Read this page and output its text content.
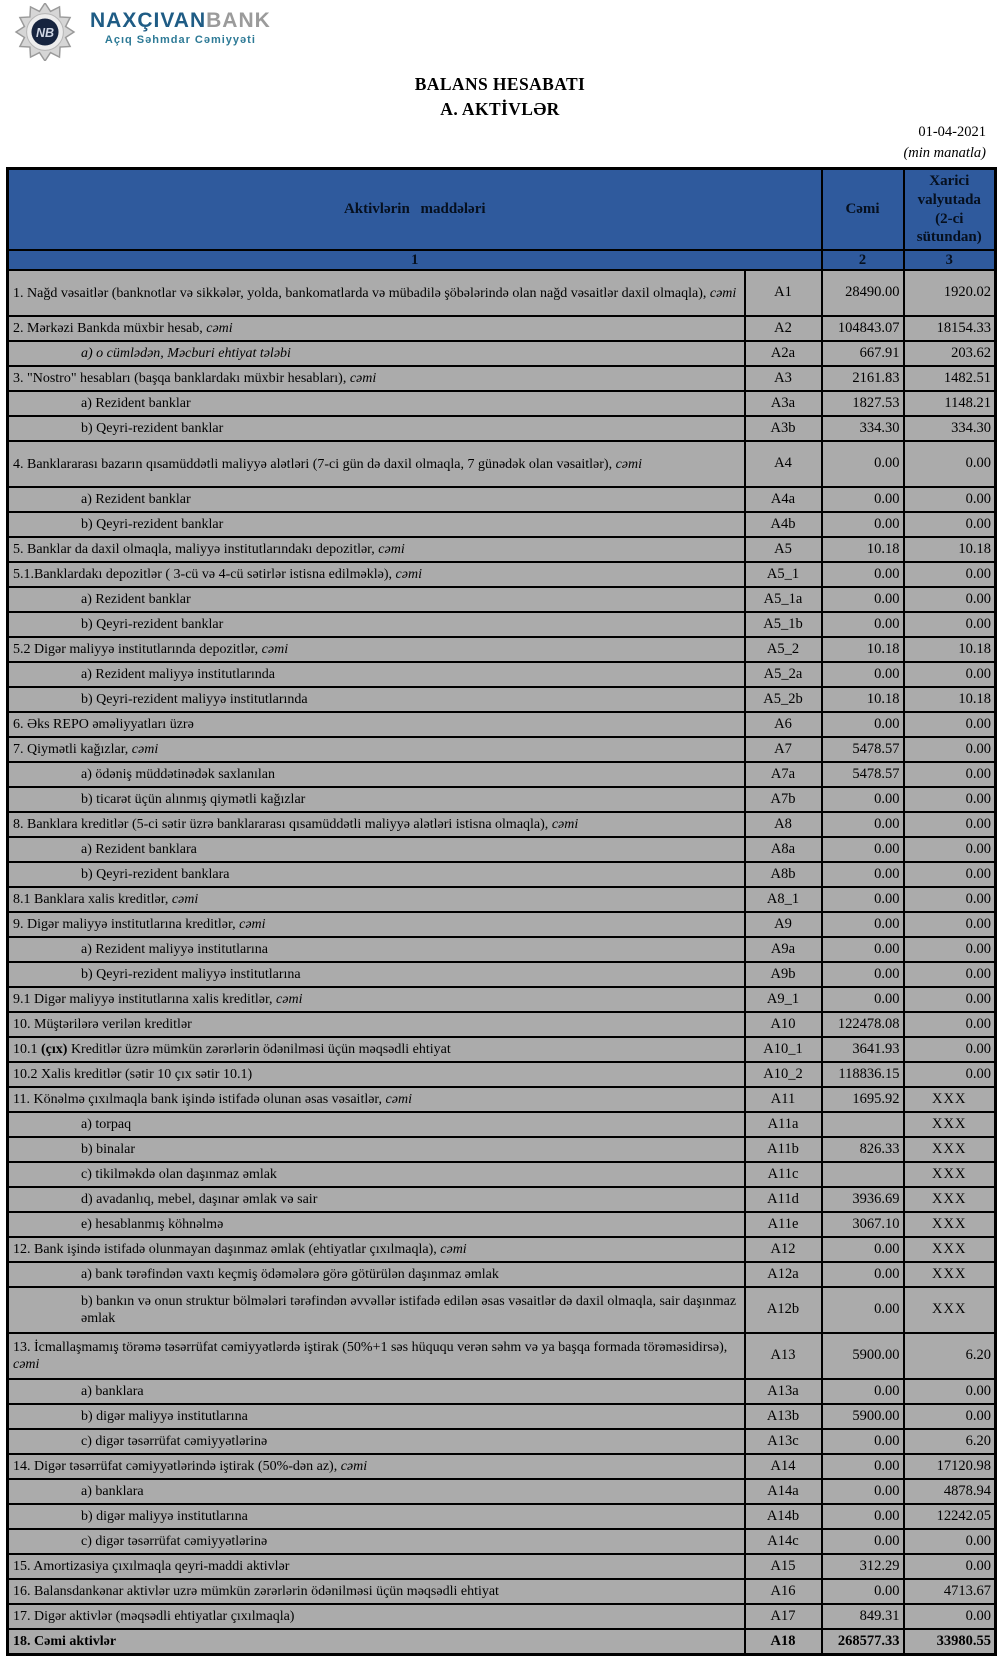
NB
NAXÇIVANBANK
Açıq Səhmdar Cəmiyyəti
BALANS HESABATI
A. AKTİVLƏR
01-04-2021
(min manatla)
Aktivlərin maddələri		Cəmi	Xarici valyutada (2-ci sütundan)
1		2	3
1. Nağd vəsaitlər (banknotlar və sikkələr, yolda, bankomatlarda və mübadilə şöbələrində olan nağd vəsaitlər daxil olmaqla), cəmi	A1	28490.00	1920.02
2. Mərkəzi Bankda müxbir hesab, cəmi	A2	104843.07	18154.33
a) o cümlədən, Məcburi ehtiyat tələbi	A2a	667.91	203.62
3. "Nostro" hesabları (başqa banklardakı müxbir hesabları), cəmi	A3	2161.83	1482.51
a) Rezident banklar	A3a	1827.53	1148.21
b) Qeyri-rezident banklar	A3b	334.30	334.30
4. Banklararası bazarın qısamüddətli maliyyə alətləri (7-ci gün də daxil olmaqla, 7 günədək olan vəsaitlər), cəmi	A4	0.00	0.00
a) Rezident banklar	A4a	0.00	0.00
b) Qeyri-rezident banklar	A4b	0.00	0.00
5. Banklar da daxil olmaqla, maliyyə institutlarındakı depozitlər, cəmi	A5	10.18	10.18
5.1.Banklardakı depozitlər ( 3-cü və 4-cü sətirlər istisna edilməklə), cəmi	A5_1	0.00	0.00
a) Rezident banklar	A5_1a	0.00	0.00
b) Qeyri-rezident banklar	A5_1b	0.00	0.00
5.2 Digər maliyyə institutlarında depozitlər, cəmi	A5_2	10.18	10.18
a) Rezident maliyyə institutlarında	A5_2a	0.00	0.00
b) Qeyri-rezident maliyyə institutlarında	A5_2b	10.18	10.18
6. Əks REPO əməliyyatları üzrə	A6	0.00	0.00
7. Qiymətli kağızlar, cəmi	A7	5478.57	0.00
a) ödəniş müddətinədək saxlanılan	A7a	5478.57	0.00
b) ticarət üçün alınmış qiymətli kağızlar	A7b	0.00	0.00
8. Banklara kreditlər (5-ci sətir üzrə banklararası qısamüddətli maliyyə alətləri istisna olmaqla), cəmi	A8	0.00	0.00
a) Rezident banklara	A8a	0.00	0.00
b) Qeyri-rezident banklara	A8b	0.00	0.00
8.1 Banklara xalis kreditlər, cəmi	A8_1	0.00	0.00
9. Digər maliyyə institutlarına kreditlər, cəmi	A9	0.00	0.00
a) Rezident maliyyə institutlarına	A9a	0.00	0.00
b) Qeyri-rezident maliyyə institutlarına	A9b	0.00	0.00
9.1 Digər maliyyə institutlarına xalis kreditlər, cəmi	A9_1	0.00	0.00
10. Müştərilərə verilən kreditlər	A10	122478.08	0.00
10.1 (çıx) Kreditlər üzrə mümkün zərərlərin ödənilməsi üçün məqsədli ehtiyat	A10_1	3641.93	0.00
10.2 Xalis kreditlər (sətir 10 çıx sətir 10.1)	A10_2	118836.15	0.00
11. Könəlmə çıxılmaqla bank işində istifadə olunan əsas vəsaitlər, cəmi	A11	1695.92	XXX
a) torpaq	A11a		XXX
b) binalar	A11b	826.33	XXX
c) tikilməkdə olan daşınmaz əmlak	A11c		XXX
d) avadanlıq, mebel, daşınar əmlak və sair	A11d	3936.69	XXX
e) hesablanmış köhnəlmə	A11e	3067.10	XXX
12. Bank işində istifadə olunmayan daşınmaz əmlak (ehtiyatlar çıxılmaqla), cəmi	A12	0.00	XXX
a) bank tərəfindən vaxtı keçmiş ödəmələrə görə götürülən daşınmaz əmlak	A12a	0.00	XXX
b) bankın və onun struktur bölmələri tərəfindən əvvəllər istifadə edilən əsas vəsaitlər də daxil olmaqla, sair daşınmaz əmlak	A12b	0.00	XXX
13. İcmallaşmamış törəmə təsərrüfat cəmiyyətlərdə iştirak (50%+1 səs hüququ verən səhm və ya başqa formada törəməsidirsə), cəmi	A13	5900.00	6.20
a) banklara	A13a	0.00	0.00
b) digər maliyyə institutlarına	A13b	5900.00	0.00
c) digər təsərrüfat cəmiyyətlərinə	A13c	0.00	6.20
14. Digər təsərrüfat cəmiyyətlərində iştirak (50%-dən az), cəmi	A14	0.00	17120.98
a) banklara	A14a	0.00	4878.94
b) digər maliyyə institutlarına	A14b	0.00	12242.05
c) digər təsərrüfat cəmiyyətlərinə	A14c	0.00	0.00
15. Amortizasiya çıxılmaqla qeyri-maddi aktivlər	A15	312.29	0.00
16. Balansdankənar aktivlər uzrə mümkün zərərlərin ödənilməsi üçün məqsədli ehtiyat	A16	0.00	4713.67
17. Digər aktivlər (məqsədli ehtiyatlar çıxılmaqla)	A17	849.31	0.00
18. Cəmi aktivlər	A18	268577.33	33980.55
